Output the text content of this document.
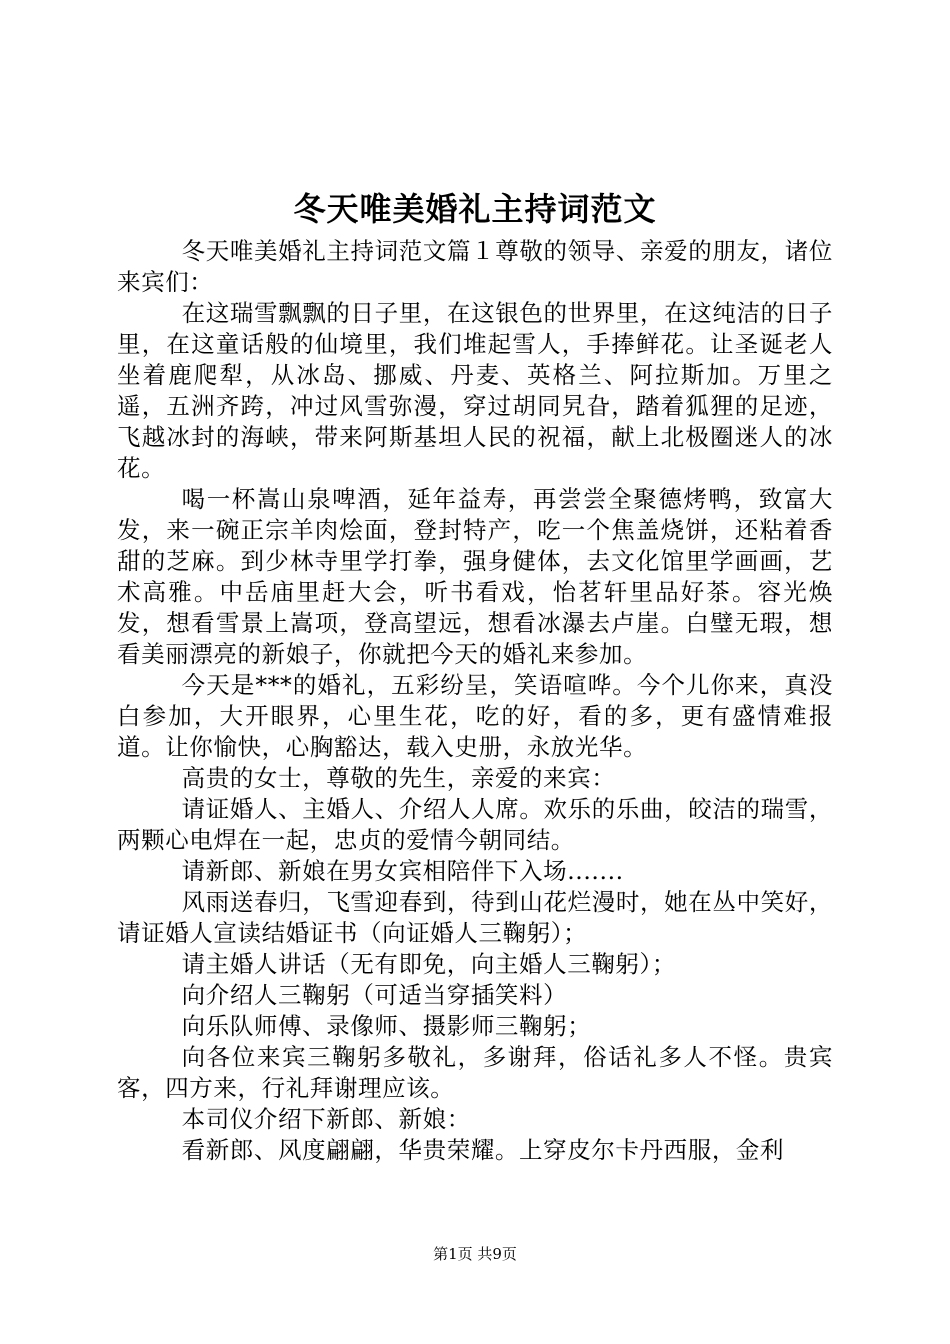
冬天唯美婚礼主持词范文

冬天唯美婚礼主持词范文篇１尊敬的领导、亲爱的朋友，诸位来宾们：

在这瑞雪飘飘的日子里，在这银色的世界里，在这纯洁的日子里，在这童话般的仙境里，我们堆起雪人，手捧鲜花。让圣诞老人坐着鹿爬犁，从冰岛、挪威、丹麦、英格兰、阿拉斯加。万里之遥，五洲齐跨，冲过风雪弥漫，穿过胡同旯旮，踏着狐狸的足迹，飞越冰封的海峡，带来阿斯基坦人民的祝福，献上北极圈迷人的冰花。

喝一杯嵩山泉啤酒，延年益寿，再尝尝全聚德烤鸭，致富大发，来一碗正宗羊肉烩面，登封特产，吃一个焦盖烧饼，还粘着香甜的芝麻。到少林寺里学打拳，强身健体，去文化馆里学画画，艺术高雅。中岳庙里赶大会，听书看戏，怡茗轩里品好茶。容光焕发，想看雪景上嵩项，登高望远，想看冰瀑去卢崖。白璧无瑕，想看美丽漂亮的新娘子，你就把今天的婚礼来参加。

今天是***的婚礼，五彩纷呈，笑语喧哗。今个儿你来，真没白参加，大开眼界，心里生花，吃的好，看的多，更有盛情难报道。让你愉快，心胸豁达，载入史册，永放光华。

高贵的女士，尊敬的先生，亲爱的来宾：

请证婚人、主婚人、介绍人人席。欢乐的乐曲，皎洁的瑞雪，两颗心电焊在一起，忠贞的爱情今朝同结。

请新郎、新娘在男女宾相陪伴下入场.......

风雨送春归，飞雪迎春到，待到山花烂漫时，她在丛中笑好，请证婚人宣读结婚证书（向证婚人三鞠躬）；

请主婚人讲话（无有即免，向主婚人三鞠躬）；

向介绍人三鞠躬（可适当穿插笑料）

向乐队师傅、录像师、摄影师三鞠躬；

向各位来宾三鞠躬多敬礼，多谢拜，俗话礼多人不怪。贵宾客，四方来，行礼拜谢理应该。

本司仪介绍下新郎、新娘：

看新郎、风度翩翩，华贵荣耀。上穿皮尔卡丹西服，金利

第1页 共9页
